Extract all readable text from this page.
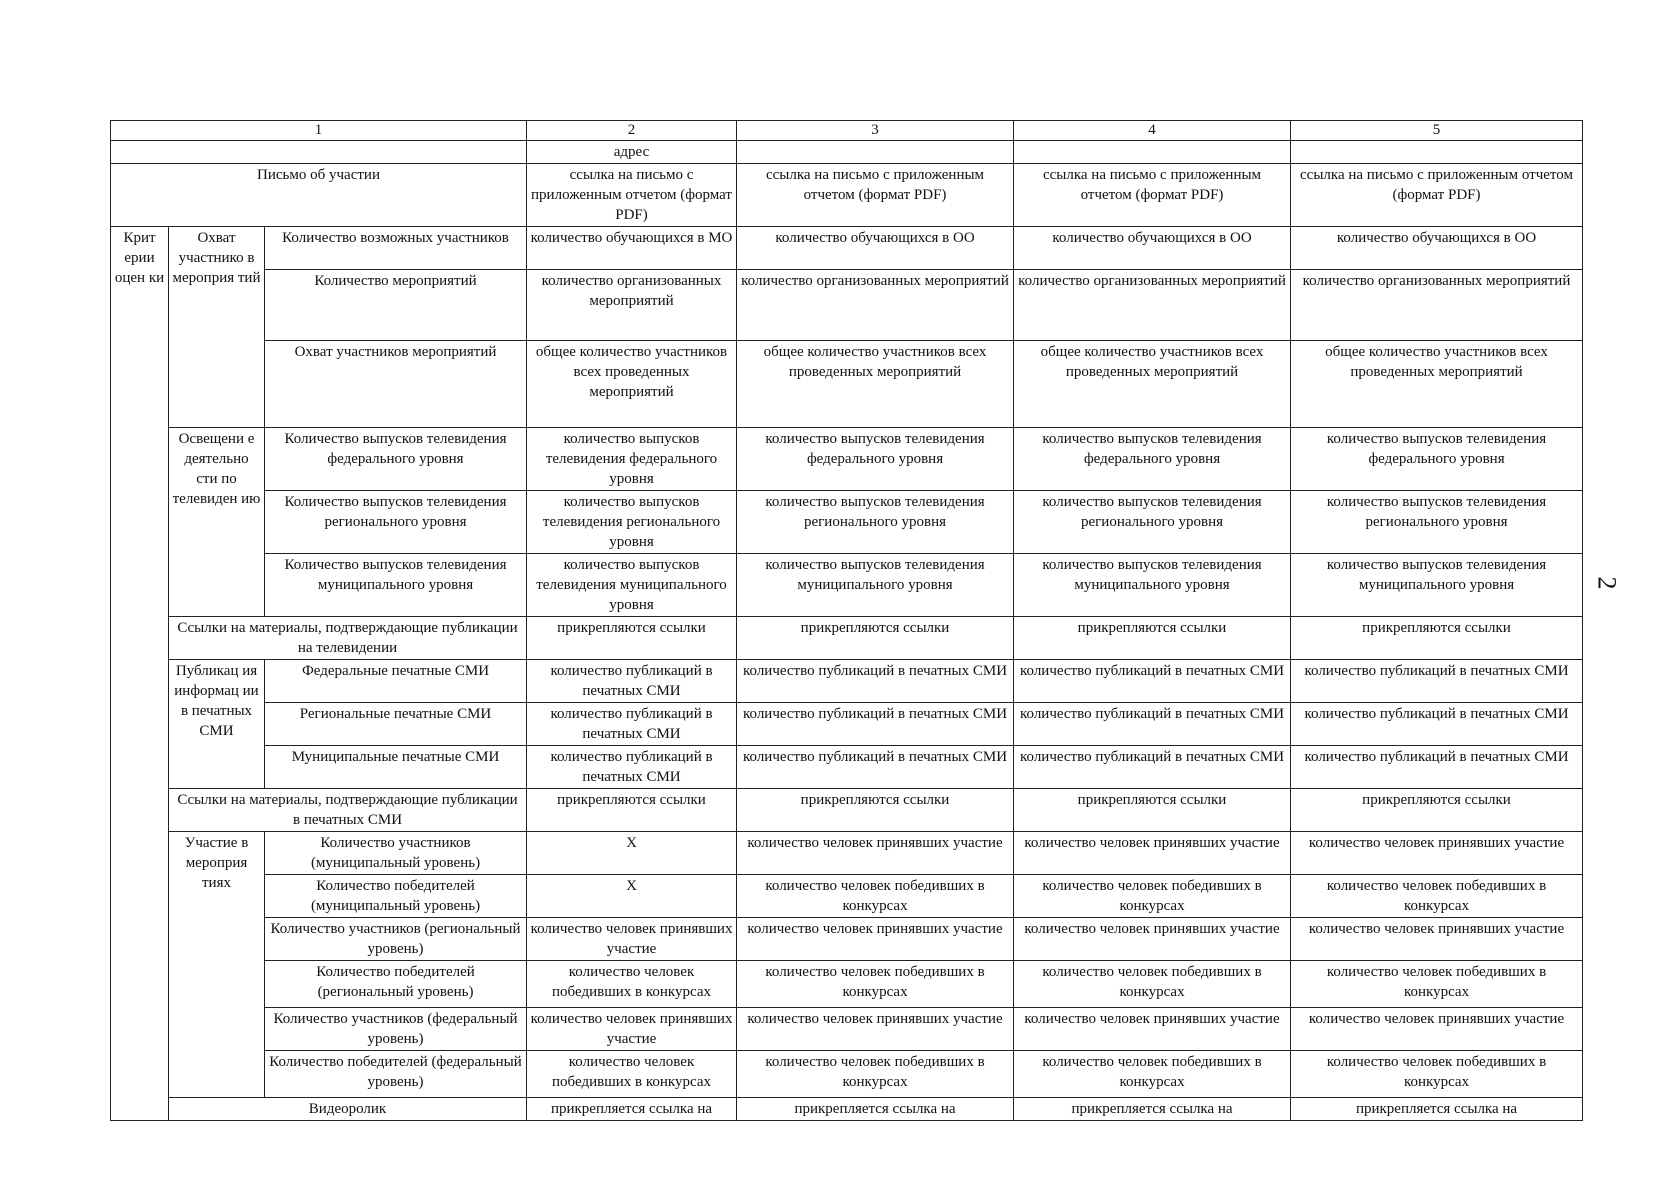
1			2	3	4	5
			адрес			
Письмо об участии			ссылка на письмо с приложенным отчетом (формат PDF)	ссылка на письмо с приложенным отчетом (формат PDF)	ссылка на письмо с приложенным отчетом (формат PDF)	ссылка на письмо с приложенным отчетом (формат PDF)
Крит ерии оцен ки	Охват участнико в мероприя тий	Количество возможных участников	количество обучающихся в МО	количество обучающихся в ОО	количество обучающихся в ОО	количество обучающихся в ОО
		Количество мероприятий	количество организованных мероприятий	количество организованных мероприятий	количество организованных мероприятий	количество организованных мероприятий
		Охват участников мероприятий	общее количество участников всех проведенных мероприятий	общее количество участников всех проведенных мероприятий	общее количество участников всех проведенных мероприятий	общее количество участников всех проведенных мероприятий
	Освещени е деятельно сти по телевиден ию	Количество выпусков телевидения федерального уровня	количество выпусков телевидения федерального уровня	количество выпусков телевидения федерального уровня	количество выпусков телевидения федерального уровня	количество выпусков телевидения федерального уровня
		Количество выпусков телевидения регионального уровня	количество выпусков телевидения регионального уровня	количество выпусков телевидения регионального уровня	количество выпусков телевидения регионального уровня	количество выпусков телевидения регионального уровня
		Количество выпусков телевидения муниципального уровня	количество выпусков телевидения муниципального уровня	количество выпусков телевидения муниципального уровня	количество выпусков телевидения муниципального уровня	количество выпусков телевидения муниципального уровня
	Ссылки на материалы, подтверждающие публикации на телевидении		прикрепляются ссылки	прикрепляются ссылки	прикрепляются ссылки	прикрепляются ссылки
	Публикац ия информац ии в печатных СМИ	Федеральные печатные СМИ	количество публикаций в печатных СМИ	количество публикаций в печатных СМИ	количество публикаций в печатных СМИ	количество публикаций в печатных СМИ
		Региональные печатные СМИ	количество публикаций в печатных СМИ	количество публикаций в печатных СМИ	количество публикаций в печатных СМИ	количество публикаций в печатных СМИ
		Муниципальные печатные СМИ	количество публикаций в печатных СМИ	количество публикаций в печатных СМИ	количество публикаций в печатных СМИ	количество публикаций в печатных СМИ
	Ссылки на материалы, подтверждающие публикации в печатных СМИ		прикрепляются ссылки	прикрепляются ссылки	прикрепляются ссылки	прикрепляются ссылки
	Участие в мероприя тиях	Количество участников (муниципальный уровень)	Х	количество человек принявших участие	количество человек принявших участие	количество человек принявших участие
		Количество победителей (муниципальный уровень)	Х	количество человек победивших в конкурсах	количество человек победивших в конкурсах	количество человек победивших в конкурсах
		Количество участников (региональный уровень)	количество человек принявших участие	количество человек принявших участие	количество человек принявших участие	количество человек принявших участие
		Количество победителей (региональный уровень)	количество человек победивших в конкурсах	количество человек победивших в конкурсах	количество человек победивших в конкурсах	количество человек победивших в конкурсах
		Количество участников (федеральный уровень)	количество человек принявших участие	количество человек принявших участие	количество человек принявших участие	количество человек принявших участие
		Количество победителей (федеральный уровень)	количество человек победивших в конкурсах	количество человек победивших в конкурсах	количество человек победивших в конкурсах	количество человек победивших в конкурсах
	Видеоролик		прикрепляется ссылка на	прикрепляется ссылка на	прикрепляется ссылка на	прикрепляется ссылка на
2
